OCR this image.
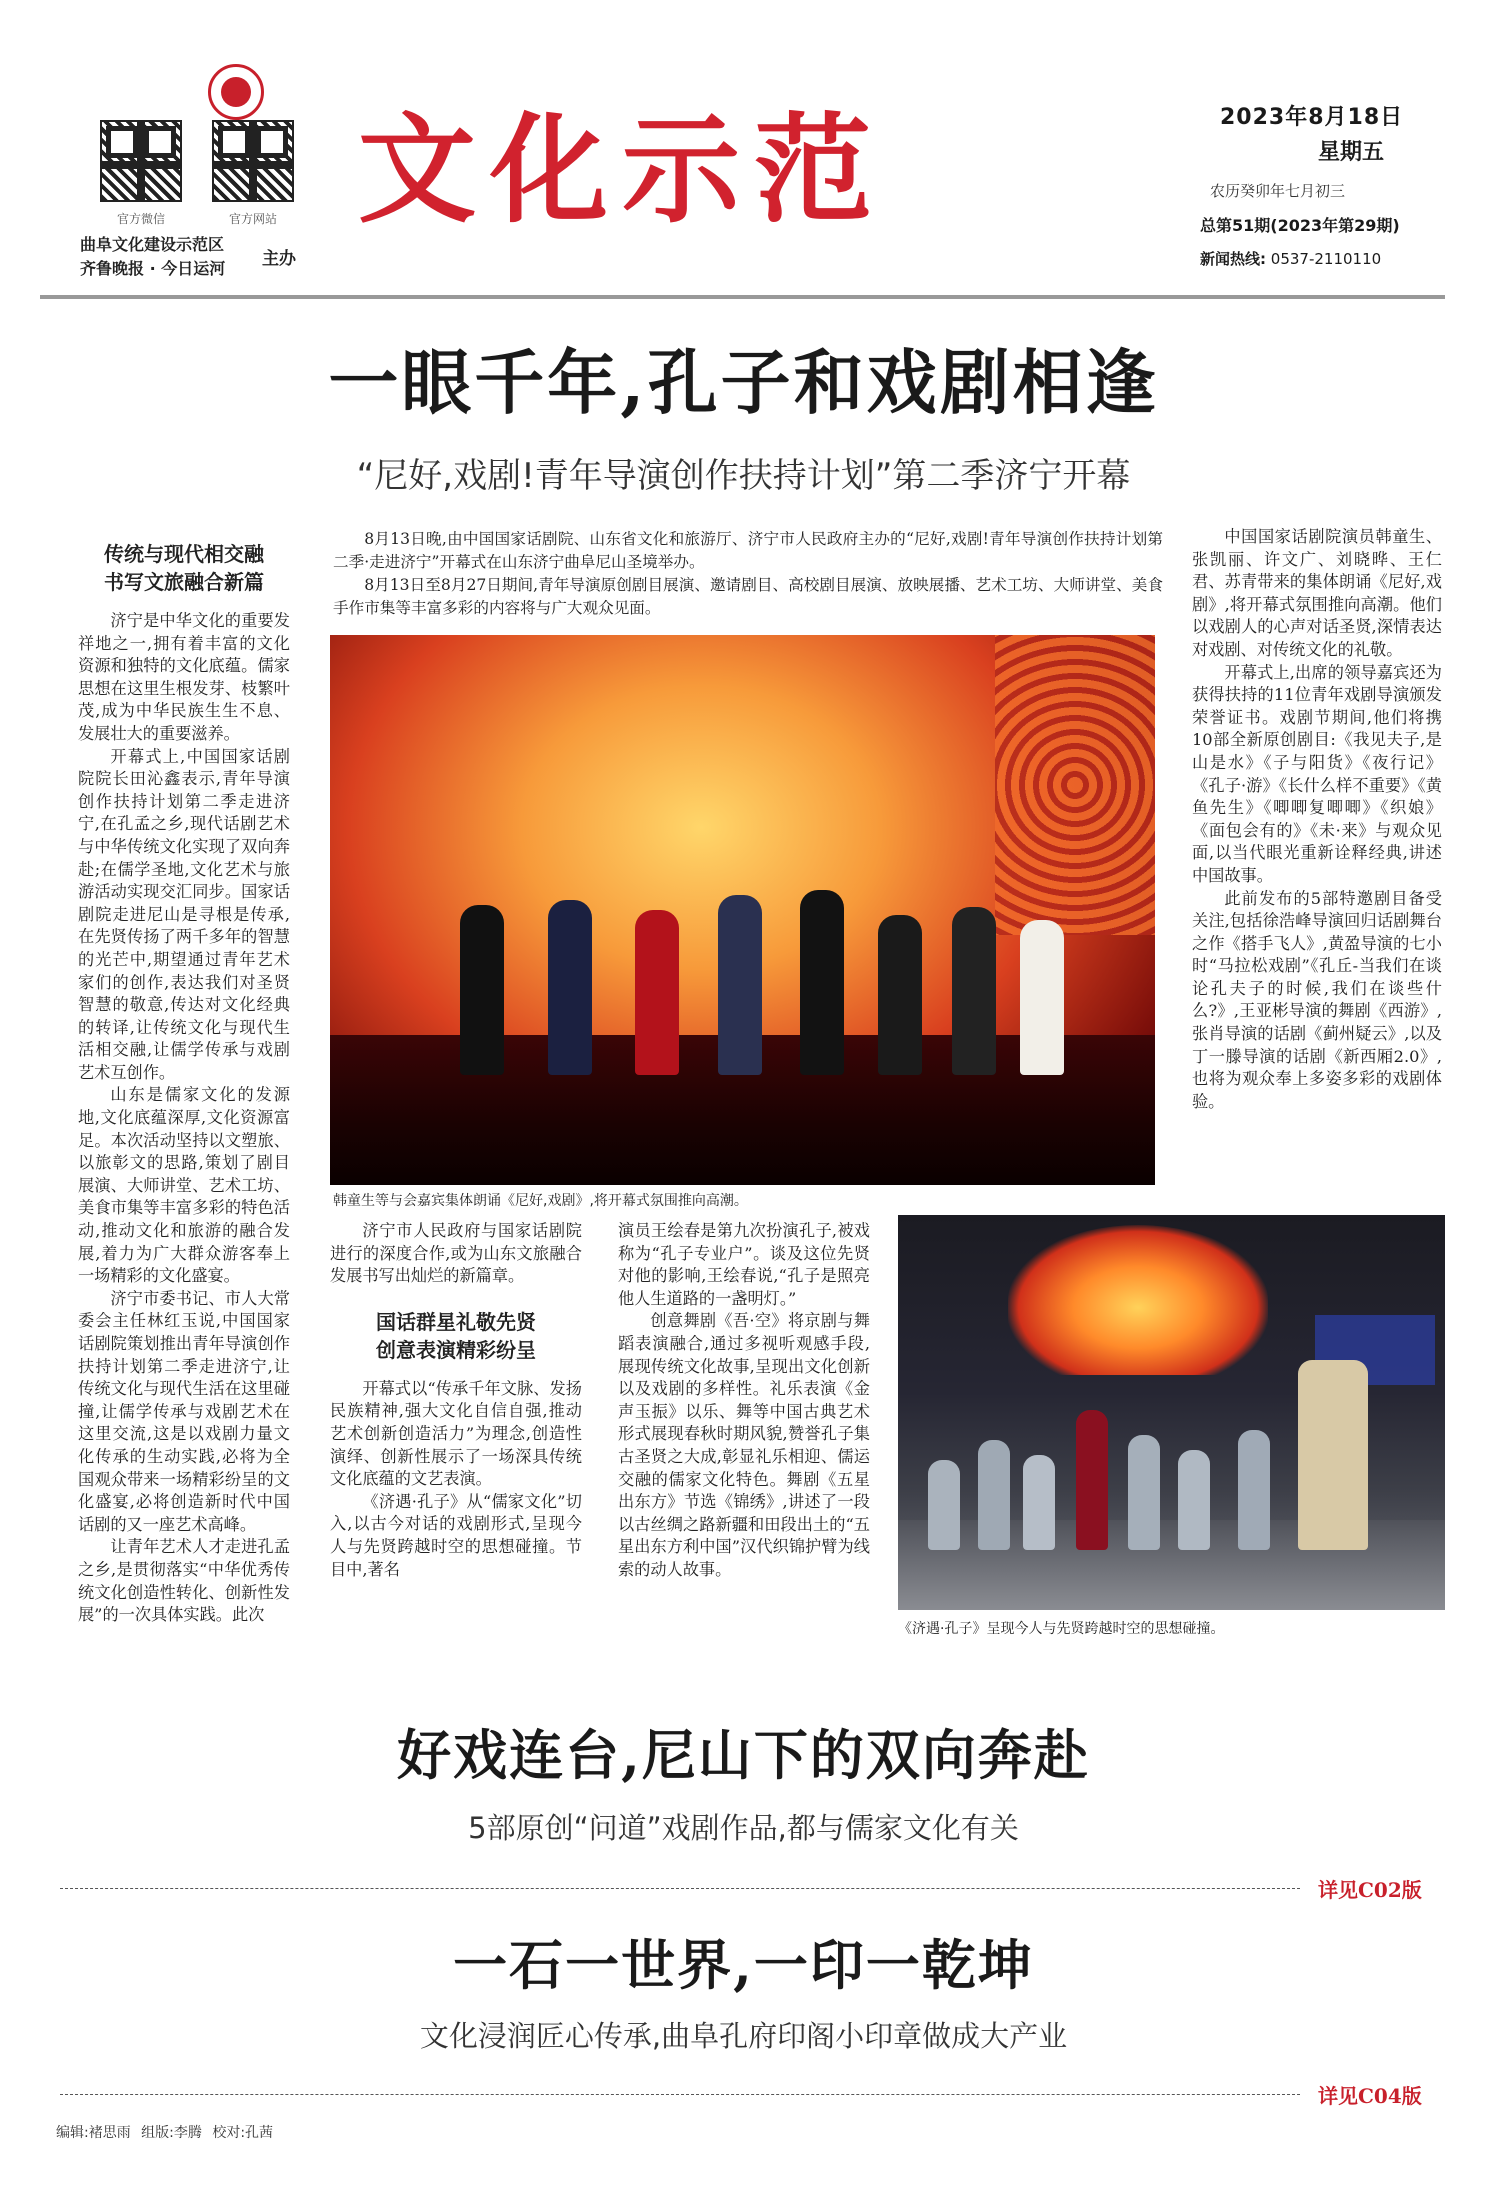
官方微信	官方网站
曲阜文化建设示范区
齐鲁晚报 · 今日运河 主办
文化示范	2023年8月18日
星期五
农历癸卯年七月初三
总第51期(2023年第29期)
新闻热线: 0537-2110110
一眼千年,孔子和戏剧相逢
“尼好,戏剧!青年导演创作扶持计划”第二季济宁开幕

8月13日晚,由中国国家话剧院、山东省文化和旅游厅、济宁市人民政府主办的“尼好,戏剧!青年导演创作扶持计划第二季·走进济宁”开幕式在山东济宁曲阜尼山圣境举办。

8月13日至8月27日期间,青年导演原创剧目展演、邀请剧目、高校剧目展演、放映展播、艺术工坊、大师讲堂、美食手作市集等丰富多彩的内容将与广大观众见面。

传统与现代相交融
书写文旅融合新篇

济宁是中华文化的重要发祥地之一,拥有着丰富的文化资源和独特的文化底蕴。儒家思想在这里生根发芽、枝繁叶茂,成为中华民族生生不息、发展壮大的重要滋养。

开幕式上,中国国家话剧院院长田沁鑫表示,青年导演创作扶持计划第二季走进济宁,在孔孟之乡,现代话剧艺术与中华传统文化实现了双向奔赴;在儒学圣地,文化艺术与旅游活动实现交汇同步。国家话剧院走进尼山是寻根是传承,在先贤传扬了两千多年的智慧的光芒中,期望通过青年艺术家们的创作,表达我们对圣贤智慧的敬意,传达对文化经典的转译,让传统文化与现代生活相交融,让儒学传承与戏剧艺术互创作。

山东是儒家文化的发源地,文化底蕴深厚,文化资源富足。本次活动坚持以文塑旅、以旅彰文的思路,策划了剧目展演、大师讲堂、艺术工坊、美食市集等丰富多彩的特色活动,推动文化和旅游的融合发展,着力为广大群众游客奉上一场精彩的文化盛宴。

济宁市委书记、市人大常委会主任林红玉说,中国国家话剧院策划推出青年导演创作扶持计划第二季走进济宁,让传统文化与现代生活在这里碰撞,让儒学传承与戏剧艺术在这里交流,这是以戏剧力量文化传承的生动实践,必将为全国观众带来一场精彩纷呈的文化盛宴,必将创造新时代中国话剧的又一座艺术高峰。

让青年艺术人才走进孔孟之乡,是贯彻落实“中华优秀传统文化创造性转化、创新性发展”的一次具体实践。此次

韩童生等与会嘉宾集体朗诵《尼好,戏剧》,将开幕式氛围推向高潮。

济宁市人民政府与国家话剧院进行的深度合作,或为山东文旅融合发展书写出灿烂的新篇章。

国话群星礼敬先贤
创意表演精彩纷呈

开幕式以“传承千年文脉、发扬民族精神,强大文化自信自强,推动艺术创新创造活力”为理念,创造性演绎、创新性展示了一场深具传统文化底蕴的文艺表演。

《济遇·孔子》从“儒家文化”切入,以古今对话的戏剧形式,呈现今人与先贤跨越时空的思想碰撞。节目中,著名

演员王绘春是第九次扮演孔子,被戏称为“孔子专业户”。谈及这位先贤对他的影响,王绘春说,“孔子是照亮他人生道路的一盏明灯。”

创意舞剧《吾·空》将京剧与舞蹈表演融合,通过多视听观感手段,展现传统文化故事,呈现出文化创新以及戏剧的多样性。礼乐表演《金声玉振》以乐、舞等中国古典艺术形式展现春秋时期风貌,赞誉孔子集古圣贤之大成,彰显礼乐相迎、儒运交融的儒家文化特色。舞剧《五星出东方》节选《锦绣》,讲述了一段以古丝绸之路新疆和田段出土的“五星出东方利中国”汉代织锦护臂为线索的动人故事。

中国国家话剧院演员韩童生、张凯丽、许文广、刘晓晔、王仁君、苏青带来的集体朗诵《尼好,戏剧》,将开幕式氛围推向高潮。他们以戏剧人的心声对话圣贤,深情表达对戏剧、对传统文化的礼敬。

开幕式上,出席的领导嘉宾还为获得扶持的11位青年戏剧导演颁发荣誉证书。戏剧节期间,他们将携10部全新原创剧目:《我见夫子,是山是水》《子与阳货》《夜行记》《孔子·游》《长什么样不重要》《黄鱼先生》《唧唧复唧唧》《织娘》《面包会有的》《未·来》与观众见面,以当代眼光重新诠释经典,讲述中国故事。

此前发布的5部特邀剧目备受关注,包括徐浩峰导演回归话剧舞台之作《搭手飞人》,黄盈导演的七小时“马拉松戏剧”《孔丘-当我们在谈论孔夫子的时候,我们在谈些什么?》,王亚彬导演的舞剧《西游》,张肖导演的话剧《蓟州疑云》,以及丁一滕导演的话剧《新西厢2.0》,也将为观众奉上多姿多彩的戏剧体验。

《济遇·孔子》呈现今人与先贤跨越时空的思想碰撞。
好戏连台,尼山下的双向奔赴
5部原创“问道”戏剧作品,都与儒家文化有关
详见C02版
一石一世界,一印一乾坤
文化浸润匠心传承,曲阜孔府印阁小印章做成大产业
详见C04版
编辑:褚思雨 组版:李腾 校对:孔茜
